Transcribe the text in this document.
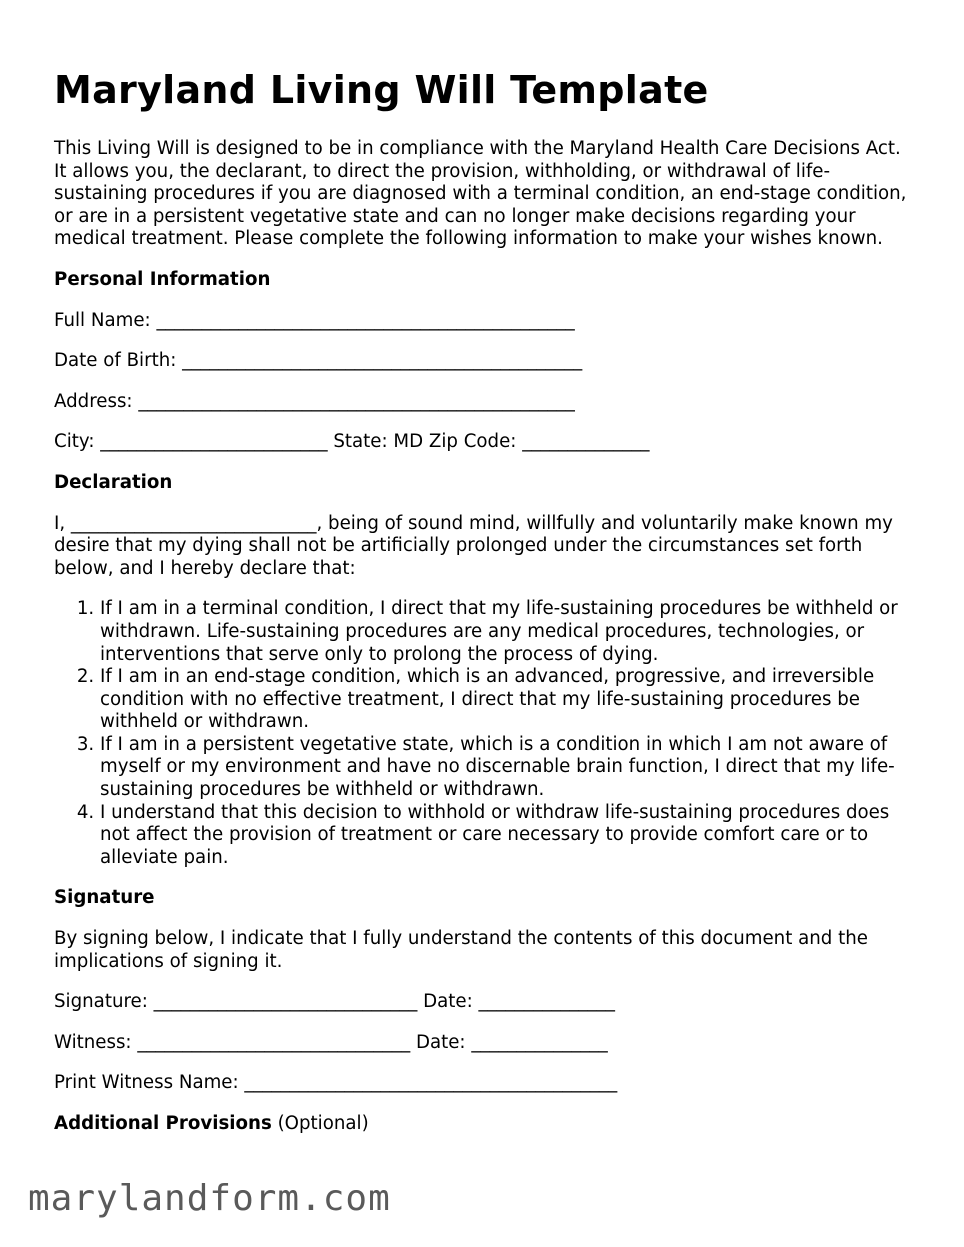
Maryland Living Will Template

This Living Will is designed to be in compliance with the Maryland Health Care Decisions Act. It allows you, the declarant, to direct the provision, withholding, or withdrawal of life-sustaining procedures if you are diagnosed with a terminal condition, an end-stage condition, or are in a persistent vegetative state and can no longer make decisions regarding your medical treatment. Please complete the following information to make your wishes known.

Personal Information

Full Name: ______________________________________________

Date of Birth: ____________________________________________

Address: ________________________________________________

City: _________________________ State: MD Zip Code: ______________

Declaration

I, ___________________________, being of sound mind, willfully and voluntarily make known my desire that my dying shall not be artificially prolonged under the circumstances set forth below, and I hereby declare that:

1. If I am in a terminal condition, I direct that my life-sustaining procedures be withheld or withdrawn. Life-sustaining procedures are any medical procedures, technologies, or interventions that serve only to prolong the process of dying.
2. If I am in an end-stage condition, which is an advanced, progressive, and irreversible condition with no effective treatment, I direct that my life-sustaining procedures be withheld or withdrawn.
3. If I am in a persistent vegetative state, which is a condition in which I am not aware of myself or my environment and have no discernable brain function, I direct that my life-sustaining procedures be withheld or withdrawn.
4. I understand that this decision to withhold or withdraw life-sustaining procedures does not affect the provision of treatment or care necessary to provide comfort care or to alleviate pain.

Signature

By signing below, I indicate that I fully understand the contents of this document and the implications of signing it.

Signature: _____________________________ Date: _______________

Witness: ______________________________ Date: _______________

Print Witness Name: _________________________________________

Additional Provisions (Optional)

marylandform.com
